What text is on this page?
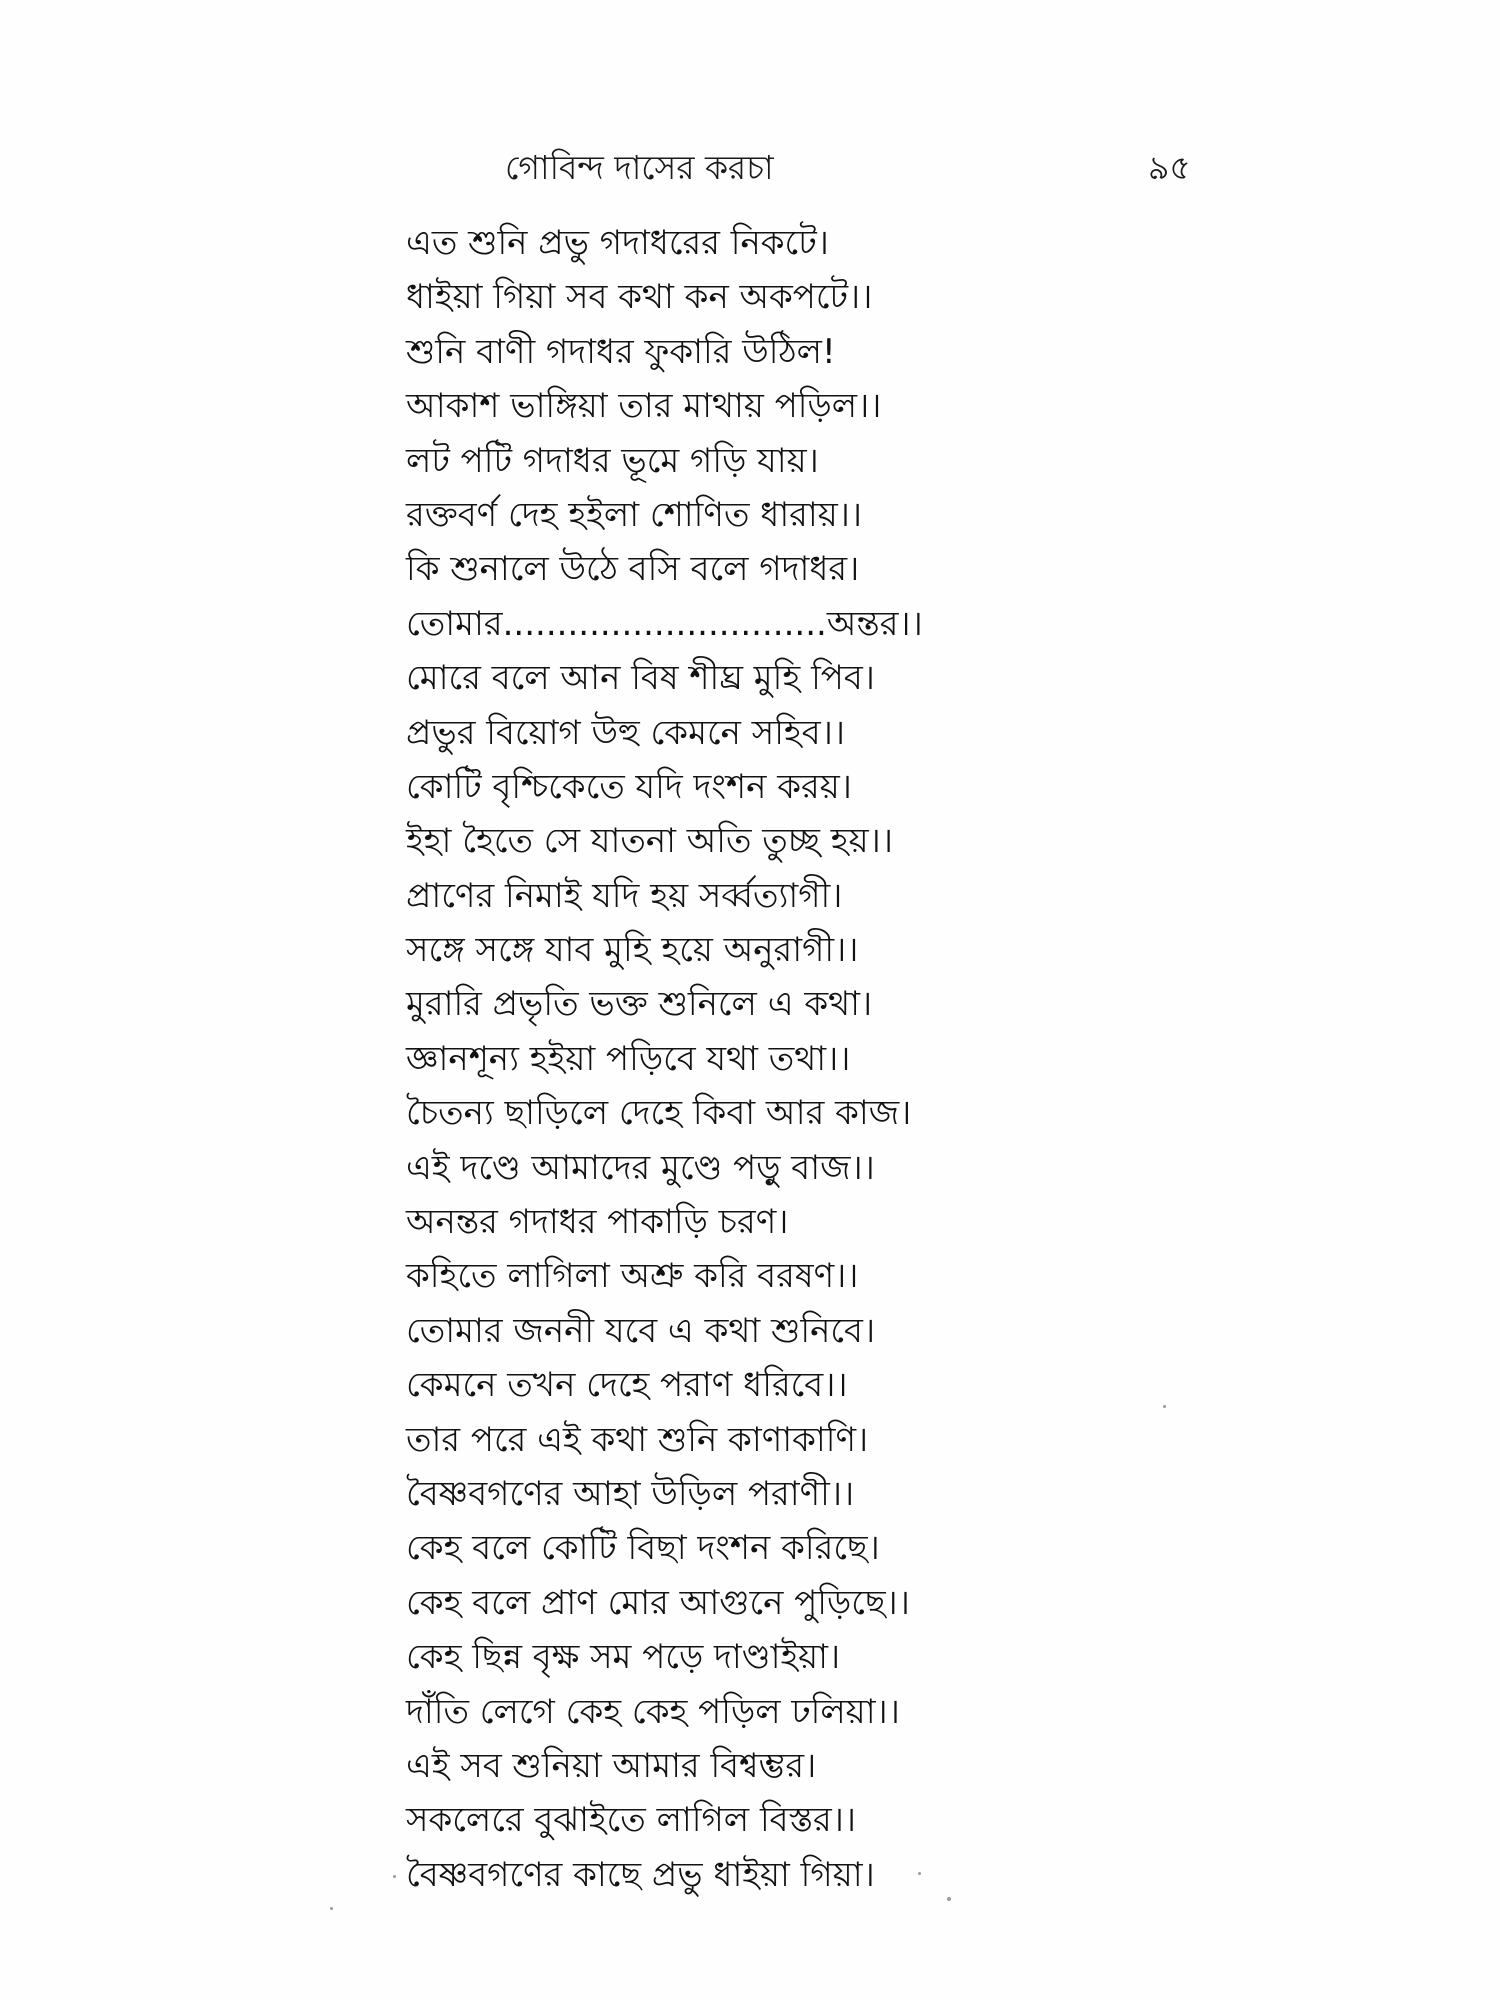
গোবিন্দ দাসের করচা	৯৫
এত শুনি প্রভু গদাধরের নিকটে।
ধাইয়া গিয়া সব কথা কন অকপটে।।
শুনি বাণী গদাধর ফুকারি উঠিল!
আকাশ ভাঙ্গিয়া তার মাথায় পড়িল।।
লট পটি গদাধর ভূমে গড়ি যায়।
রক্তবর্ণ দেহ হইলা শোণিত ধারায়।।
কি শুনালে উঠে বসি বলে গদাধর।
তোমার..............................অন্তর।।
মোরে বলে আন বিষ শীঘ্র মুহি পিব।
প্রভুর বিয়োগ উহু কেমনে সহিব।।
কোটি বৃশ্চিকেতে যদি দংশন করয়।
ইহা হৈতে সে যাতনা অতি তুচ্ছ হয়।।
প্রাণের নিমাই যদি হয় সর্ব্বত্যাগী।
সঙ্গে সঙ্গে যাব মুহি হয়ে অনুরাগী।।
মুরারি প্রভৃতি ভক্ত শুনিলে এ কথা।
জ্ঞানশূন্য হইয়া পড়িবে যথা তথা।।
চৈতন্য ছাড়িলে দেহে কিবা আর কাজ।
এই দণ্ডে আমাদের মুণ্ডে পড়ু বাজ।।
অনন্তর গদাধর পাকাড়ি চরণ।
কহিতে লাগিলা অশ্রু করি বরষণ।।
তোমার জননী যবে এ কথা শুনিবে।
কেমনে তখন দেহে পরাণ ধরিবে।।
তার পরে এই কথা শুনি কাণাকাণি।
বৈষ্ণবগণের আহা উড়িল পরাণী।।
কেহ বলে কোটি বিছা দংশন করিছে।
কেহ বলে প্রাণ মোর আগুনে পুড়িছে।।
কেহ ছিন্ন বৃক্ষ সম পড়ে দাণ্ডাইয়া।
দাঁতি লেগে কেহ কেহ পড়িল ঢলিয়া।।
এই সব শুনিয়া আমার বিশ্বম্ভর।
সকলেরে বুঝাইতে লাগিল বিস্তর।।
বৈষ্ণবগণের কাছে প্রভু ধাইয়া গিয়া।
